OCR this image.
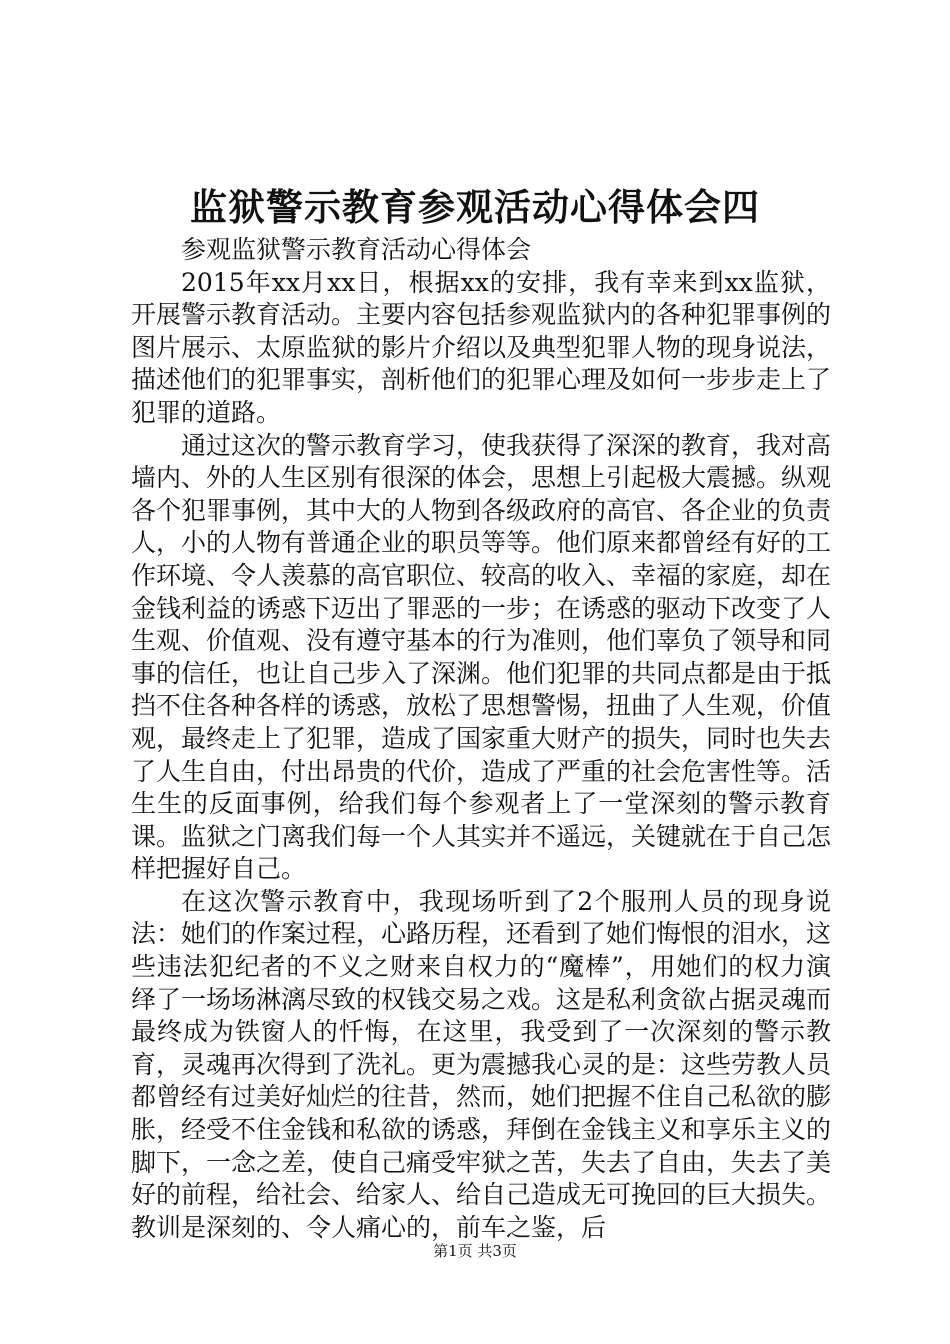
监狱警示教育参观活动心得体会四

参观监狱警示教育活动心得体会

2015年xx月xx日，根据xx的安排，我有幸来到xx监狱，开展警示教育活动。主要内容包括参观监狱内的各种犯罪事例的图片展示、太原监狱的影片介绍以及典型犯罪人物的现身说法，描述他们的犯罪事实，剖析他们的犯罪心理及如何一步步走上了犯罪的道路。

通过这次的警示教育学习，使我获得了深深的教育，我对高墙内、外的人生区别有很深的体会，思想上引起极大震撼。纵观各个犯罪事例，其中大的人物到各级政府的高官、各企业的负责人，小的人物有普通企业的职员等等。他们原来都曾经有好的工作环境、令人羡慕的高官职位、较高的收入、幸福的家庭，却在金钱利益的诱惑下迈出了罪恶的一步；在诱惑的驱动下改变了人生观、价值观、没有遵守基本的行为准则，他们辜负了领导和同事的信任，也让自己步入了深渊。他们犯罪的共同点都是由于抵挡不住各种各样的诱惑，放松了思想警惕，扭曲了人生观，价值观，最终走上了犯罪，造成了国家重大财产的损失，同时也失去了人生自由，付出昂贵的代价，造成了严重的社会危害性等。活生生的反面事例，给我们每个参观者上了一堂深刻的警示教育课。监狱之门离我们每一个人其实并不遥远，关键就在于自己怎样把握好自己。

在这次警示教育中，我现场听到了2个服刑人员的现身说法：她们的作案过程，心路历程，还看到了她们悔恨的泪水，这些违法犯纪者的不义之财来自权力的“魔棒”，用她们的权力演绎了一场场淋漓尽致的权钱交易之戏。这是私利贪欲占据灵魂而最终成为铁窗人的忏悔，在这里，我受到了一次深刻的警示教育，灵魂再次得到了洗礼。更为震撼我心灵的是：这些劳教人员都曾经有过美好灿烂的往昔，然而，她们把握不住自己私欲的膨胀，经受不住金钱和私欲的诱惑，拜倒在金钱主义和享乐主义的脚下，一念之差，使自己痛受牢狱之苦，失去了自由，失去了美好的前程，给社会、给家人、给自己造成无可挽回的巨大损失。教训是深刻的、令人痛心的，前车之鉴，后

第1页 共3页
